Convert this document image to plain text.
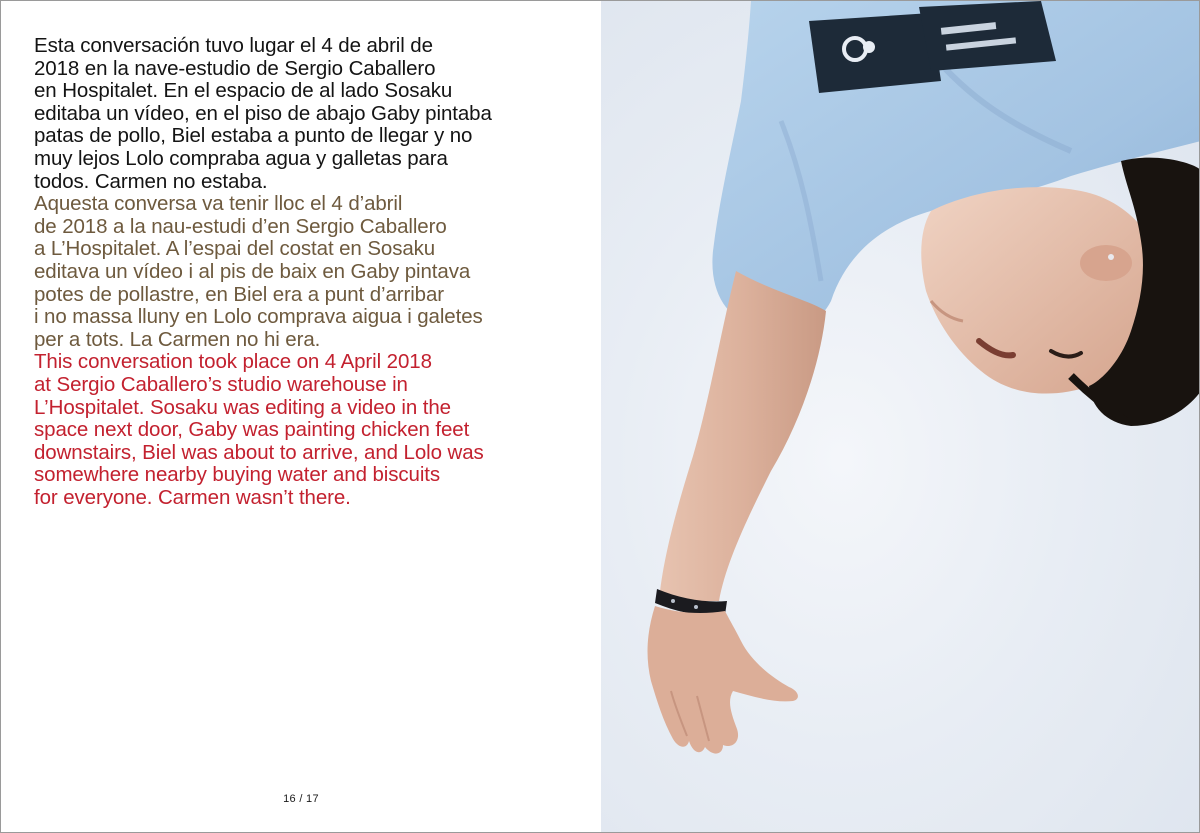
Esta conversación tuvo lugar el 4 de abril de
2018 en la nave-estudio de Sergio Caballero
en Hospitalet. En el espacio de al lado Sosaku
editaba un vídeo, en el piso de abajo Gaby pintaba
patas de pollo, Biel estaba a punto de llegar y no
muy lejos Lolo compraba agua y galletas para
todos. Carmen no estaba.

Aquesta conversa va tenir lloc el 4 d’abril
de 2018 a la nau-estudi d’en Sergio Caballero
a L’Hospitalet. A l’espai del costat en Sosaku
editava un vídeo i al pis de baix en Gaby pintava
potes de pollastre, en Biel era a punt d’arribar
i no massa lluny en Lolo comprava aigua i galetes
per a tots. La Carmen no hi era.

This conversation took place on 4 April 2018
at Sergio Caballero’s studio warehouse in
L’Hospitalet. Sosaku was editing a video in the
space next door, Gaby was painting chicken feet
downstairs, Biel was about to arrive, and Lolo was
somewhere nearby buying water and biscuits
for everyone. Carmen wasn’t there.

16 / 17
